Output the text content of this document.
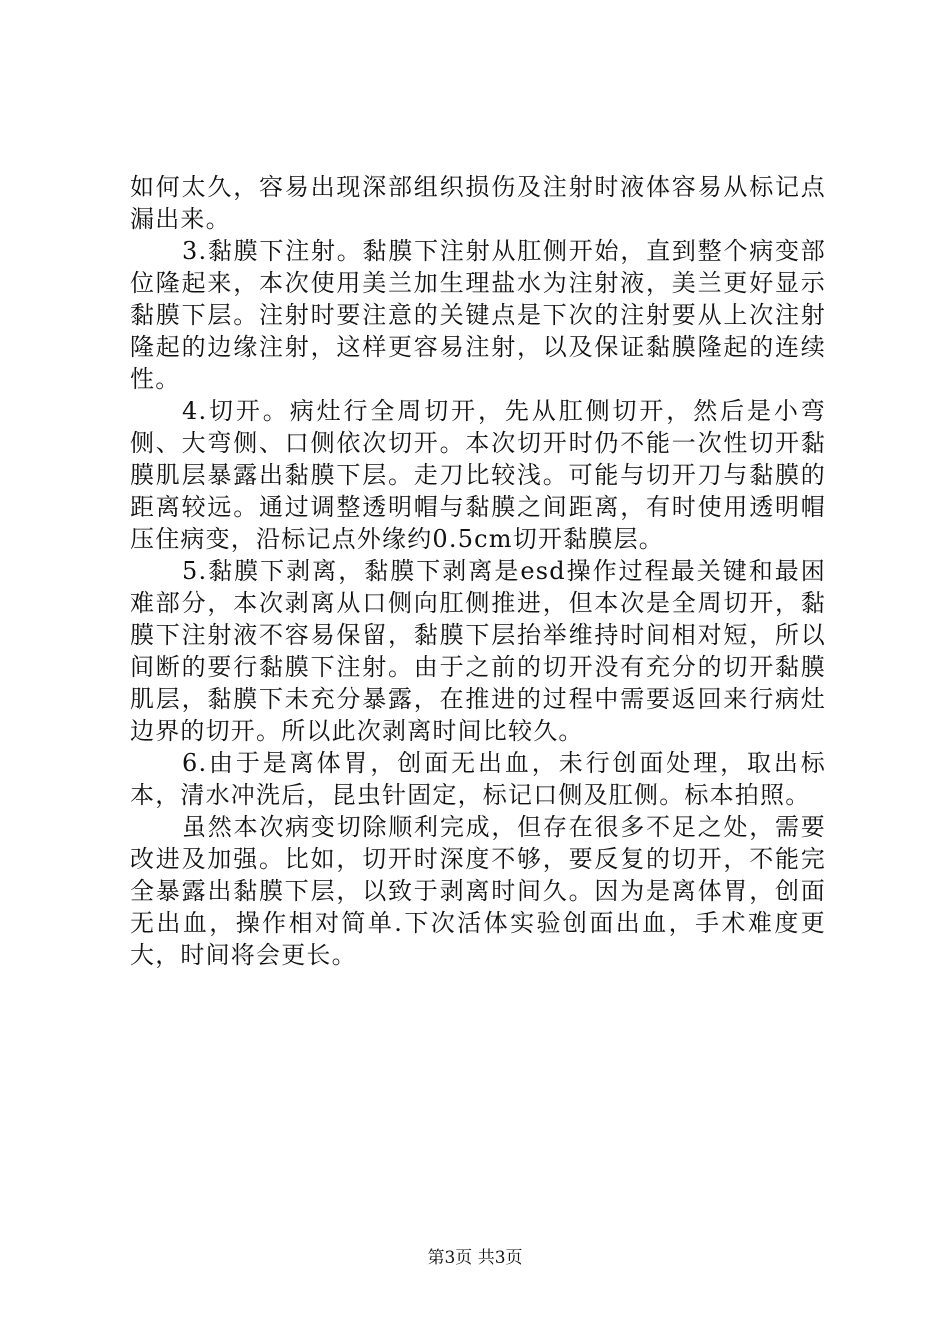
如何太久，容易出现深部组织损伤及注射时液体容易从标记点漏出来。

3.黏膜下注射。黏膜下注射从肛侧开始，直到整个病变部位隆起来，本次使用美兰加生理盐水为注射液，美兰更好显示黏膜下层。注射时要注意的关键点是下次的注射要从上次注射隆起的边缘注射，这样更容易注射，以及保证黏膜隆起的连续性。

4.切开。病灶行全周切开，先从肛侧切开，然后是小弯侧、大弯侧、口侧依次切开。本次切开时仍不能一次性切开黏膜肌层暴露出黏膜下层。走刀比较浅。可能与切开刀与黏膜的距离较远。通过调整透明帽与黏膜之间距离，有时使用透明帽压住病变，沿标记点外缘约0.5cm切开黏膜层。

5.黏膜下剥离，黏膜下剥离是esd操作过程最关键和最困难部分，本次剥离从口侧向肛侧推进，但本次是全周切开，黏膜下注射液不容易保留，黏膜下层抬举维持时间相对短，所以间断的要行黏膜下注射。由于之前的切开没有充分的切开黏膜肌层，黏膜下未充分暴露，在推进的过程中需要返回来行病灶边界的切开。所以此次剥离时间比较久。

6.由于是离体胃，创面无出血，未行创面处理，取出标本，清水冲洗后，昆虫针固定，标记口侧及肛侧。标本拍照。

虽然本次病变切除顺利完成，但存在很多不足之处，需要改进及加强。比如，切开时深度不够，要反复的切开，不能完全暴露出黏膜下层，以致于剥离时间久。因为是离体胃，创面无出血，操作相对简单.下次活体实验创面出血，手术难度更大，时间将会更长。

第3页 共3页
